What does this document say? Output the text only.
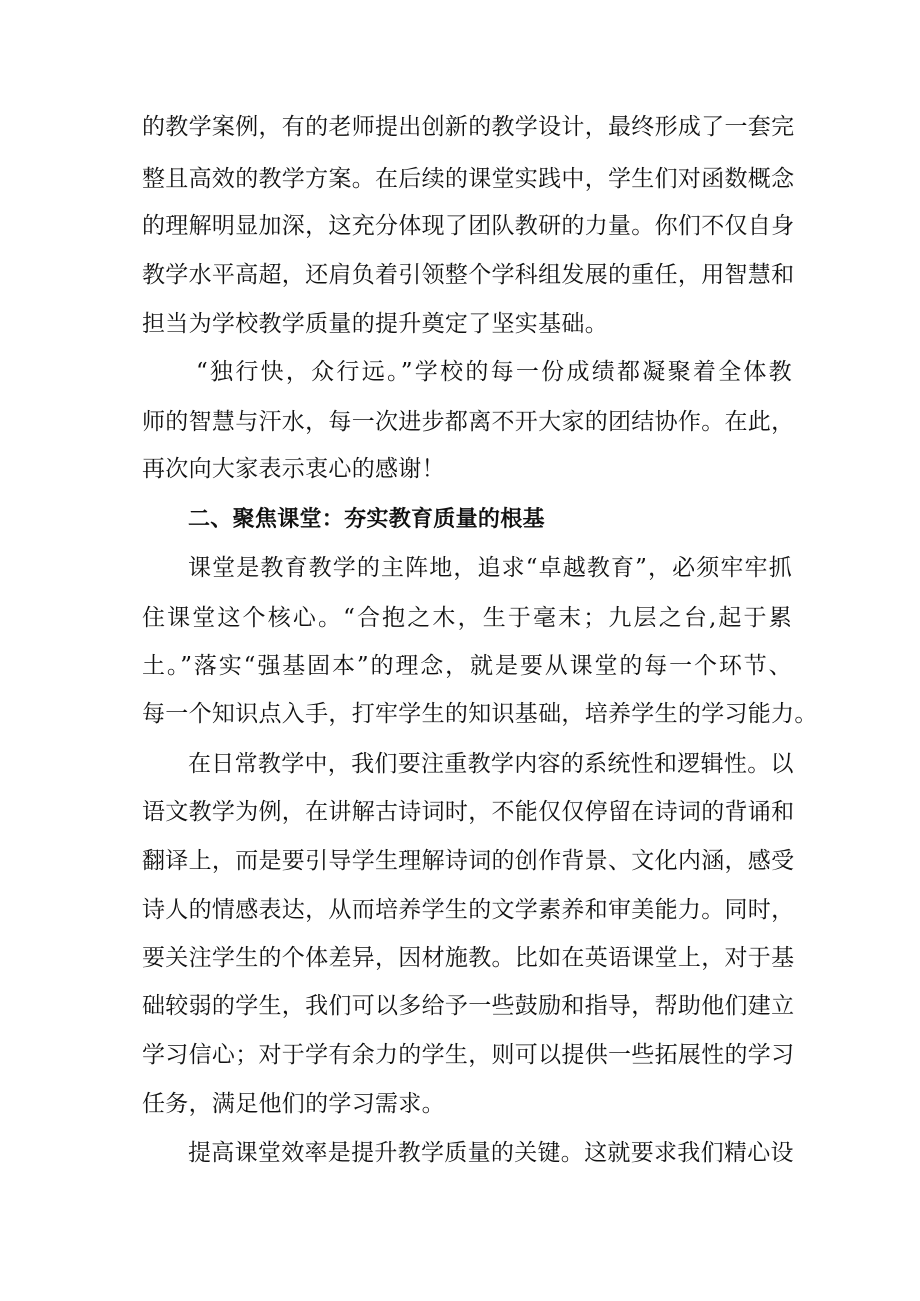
的教学案例，有的老师提出创新的教学设计，最终形成了一套完
整且高效的教学方案。在后续的课堂实践中，学生们对函数概念
的理解明显加深，这充分体现了团队教研的力量。你们不仅自身
教学水平高超，还肩负着引领整个学科组发展的重任，用智慧和
担当为学校教学质量的提升奠定了坚实基础。
“独行快，众行远。”学校的每一份成绩都凝聚着全体教
师的智慧与汗水，每一次进步都离不开大家的团结协作。在此，
再次向大家表示衷心的感谢！
二、聚焦课堂：夯实教育质量的根基
课堂是教育教学的主阵地，追求“卓越教育”，必须牢牢抓
住课堂这个核心。“合抱之木，生于毫末；九层之台,起于累
土。”落实“强基固本”的理念，就是要从课堂的每一个环节、
每一个知识点入手，打牢学生的知识基础，培养学生的学习能力。
在日常教学中，我们要注重教学内容的系统性和逻辑性。以
语文教学为例，在讲解古诗词时，不能仅仅停留在诗词的背诵和
翻译上，而是要引导学生理解诗词的创作背景、文化内涵，感受
诗人的情感表达，从而培养学生的文学素养和审美能力。同时，
要关注学生的个体差异，因材施教。比如在英语课堂上，对于基
础较弱的学生，我们可以多给予一些鼓励和指导，帮助他们建立
学习信心；对于学有余力的学生，则可以提供一些拓展性的学习
任务，满足他们的学习需求。
提高课堂效率是提升教学质量的关键。这就要求我们精心设
